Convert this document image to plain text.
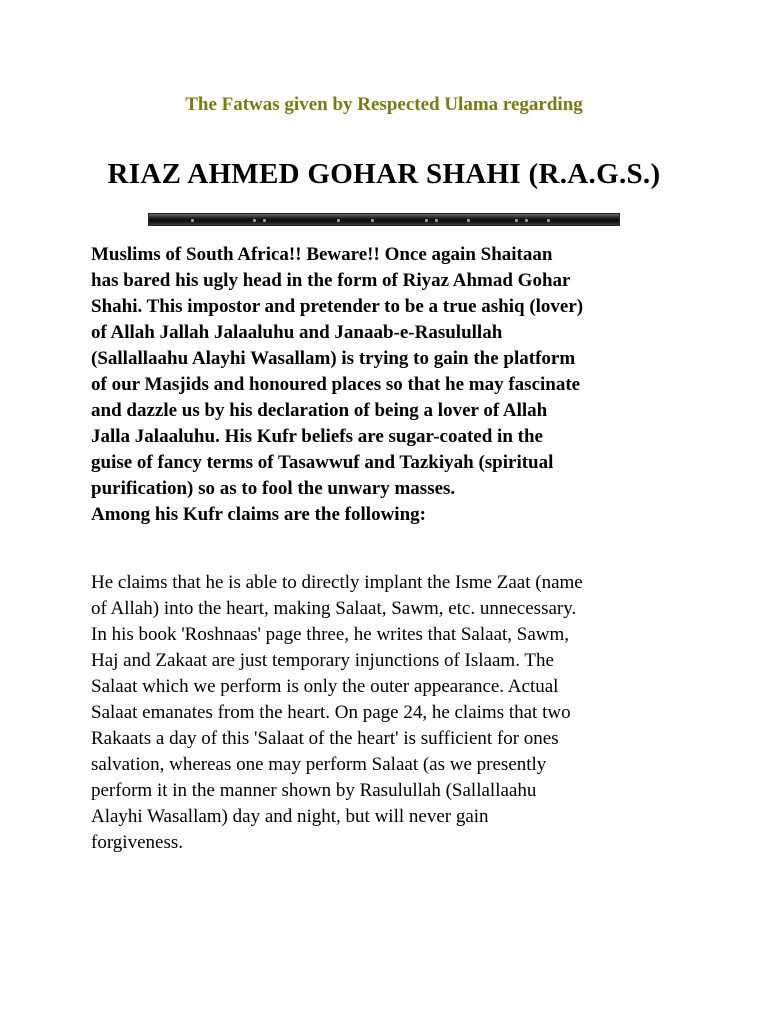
The Fatwas given by Respected Ulama regarding
RIAZ AHMED GOHAR SHAHI (R.A.G.S.)
Muslims of South Africa!! Beware!! Once again Shaitaan
has bared his ugly head in the form of Riyaz Ahmad Gohar
Shahi. This impostor and pretender to be a true ashiq (lover)
of Allah Jallah Jalaaluhu and Janaab-e-Rasulullah
(Sallallaahu Alayhi Wasallam) is trying to gain the platform
of our Masjids and honoured places so that he may fascinate
and dazzle us by his declaration of being a lover of Allah
Jalla Jalaaluhu. His Kufr beliefs are sugar-coated in the
guise of fancy terms of Tasawwuf and Tazkiyah (spiritual
purification) so as to fool the unwary masses.
Among his Kufr claims are the following:
He claims that he is able to directly implant the Isme Zaat (name
of Allah) into the heart, making Salaat, Sawm, etc. unnecessary.
In his book 'Roshnaas' page three, he writes that Salaat, Sawm,
Haj and Zakaat are just temporary injunctions of Islaam. The
Salaat which we perform is only the outer appearance. Actual
Salaat emanates from the heart. On page 24, he claims that two
Rakaats a day of this 'Salaat of the heart' is sufficient for ones
salvation, whereas one may perform Salaat (as we presently
perform it in the manner shown by Rasulullah (Sallallaahu
Alayhi Wasallam) day and night, but will never gain
forgiveness.
